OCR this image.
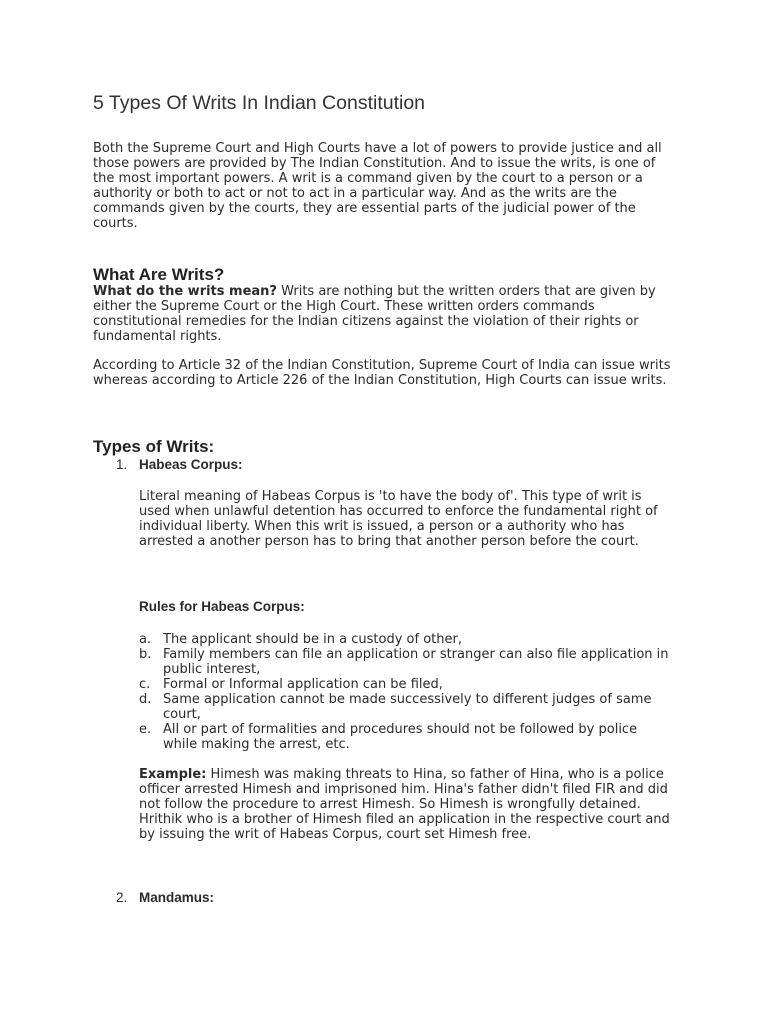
5 Types Of Writs In Indian Constitution

Both the Supreme Court and High Courts have a lot of powers to provide justice and all those powers are provided by The Indian Constitution. And to issue the writs, is one of the most important powers. A writ is a command given by the court to a person or a authority or both to act or not to act in a particular way. And as the writs are the commands given by the courts, they are essential parts of the judicial power of the courts.

What Are Writs?

What do the writs mean? Writs are nothing but the written orders that are given by either the Supreme Court or the High Court. These written orders commands constitutional remedies for the Indian citizens against the violation of their rights or fundamental rights.

According to Article 32 of the Indian Constitution, Supreme Court of India can issue writs whereas according to Article 226 of the Indian Constitution, High Courts can issue writs.

Types of Writs:
1. Habeas Corpus:

Literal meaning of Habeas Corpus is 'to have the body of'. This type of writ is used when unlawful detention has occurred to enforce the fundamental right of individual liberty. When this writ is issued, a person or a authority who has arrested a another person has to bring that another person before the court.

Rules for Habeas Corpus:

a. The applicant should be in a custody of other,
b. Family members can file an application or stranger can also file application in public interest,
c. Formal or Informal application can be filed,
d. Same application cannot be made successively to different judges of same court,
e. All or part of formalities and procedures should not be followed by police while making the arrest, etc.

Example: Himesh was making threats to Hina, so father of Hina, who is a police officer arrested Himesh and imprisoned him. Hina's father didn't filed FIR and did not follow the procedure to arrest Himesh. So Himesh is wrongfully detained. Hrithik who is a brother of Himesh filed an application in the respective court and by issuing the writ of Habeas Corpus, court set Himesh free.

2. Mandamus:
